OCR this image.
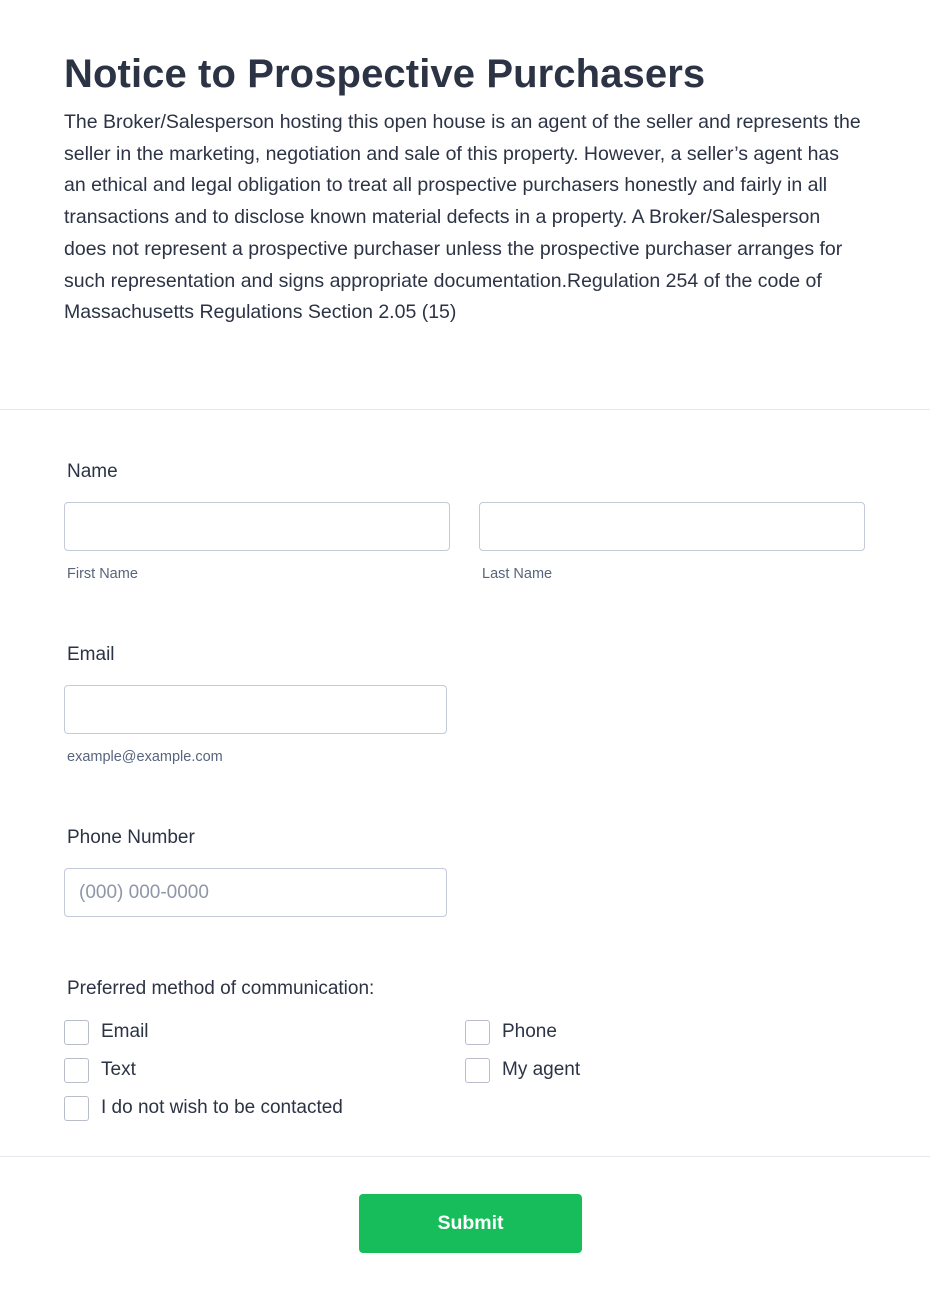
Notice to Prospective Purchasers

The Broker/Salesperson hosting this open house is an agent of the seller and represents the seller in the marketing, negotiation and sale of this property. However, a seller’s agent has an ethical and legal obligation to treat all prospective purchasers honestly and fairly in all transactions and to disclose known material defects in a property. A Broker/Salesperson does not represent a prospective purchaser unless the prospective purchaser arranges for such representation and signs appropriate documentation.Regulation 254 of the code of Massachusetts Regulations Section 2.05 (15)

Name
First Name	Last Name
Email
example@example.com
Phone Number
(000) 000-0000
Preferred method of communication:
Email	Phone
Text	My agent
I do not wish to be contacted
Submit
